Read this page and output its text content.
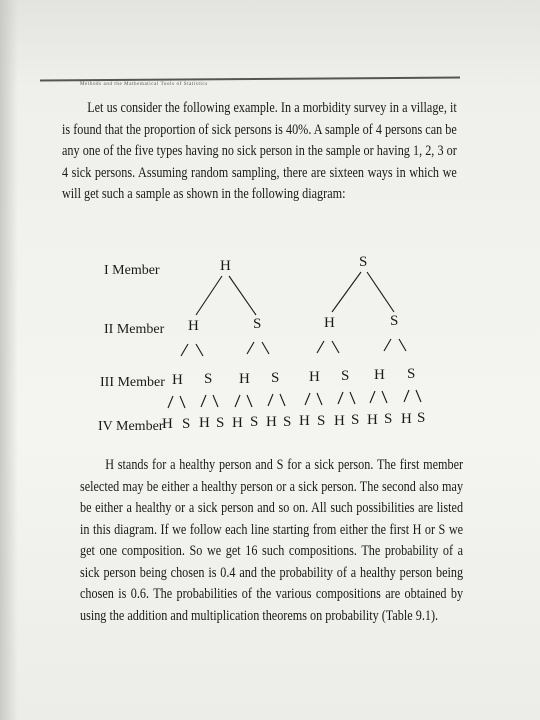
Methods and the Mathematical Tools of Statistics

Let us consider the following example. In a morbidity survey in a village, it is found that the proportion of sick persons is 40%. A sample of 4 persons can be any one of the five types having no sick person in the sample or having 1, 2, 3 or 4 sick persons. Assuming random sampling, there are sixteen ways in which we will get such a sample as shown in the following diagram:

I Member
II Member
III Member
IV Member
H	S
H	S	H	S
H S H S H S H S
H S H S H S H S H S H S H S H S

H stands for a healthy person and S for a sick person. The first member selected may be either a healthy person or a sick person. The second also may be either a healthy or a sick person and so on. All such possibilities are listed in this diagram. If we follow each line starting from either the first H or S we get one composition. So we get 16 such compositions. The probability of a sick person being chosen is 0.4 and the probability of a healthy person being chosen is 0.6. The probabilities of the various compositions are obtained by using the addition and multiplication theorems on probability (Table 9.1).
